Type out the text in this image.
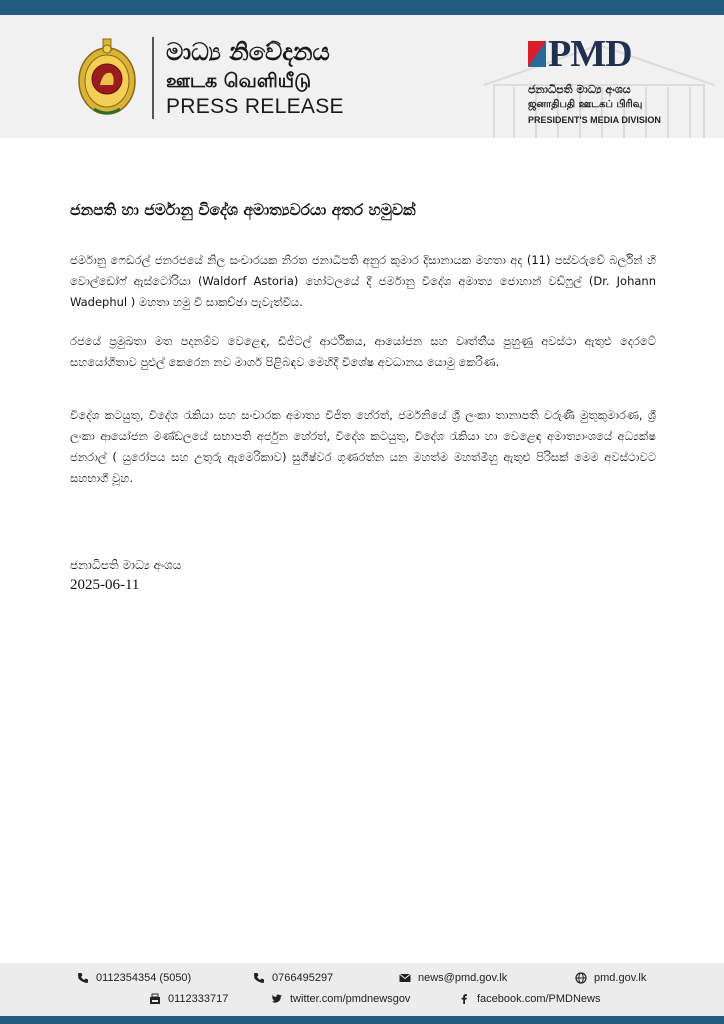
මාධ්‍ය නිවේදනය
ஊடக வெளியீடு
PRESS RELEASE
PMD
ජනාධිපති මාධ්‍ය අංශය
ஜனாதிபதி ஊடகப் பிரிவு
PRESIDENT'S MEDIA DIVISION
ජනපති හා ජර්මානු විදේශ අමාත්‍යවරයා අතර හමුවක්

ජර්මානු ෆෙඩරල් ජනරජයේ නිල සංචාරයක නිරත ජනාධිපති අනුර කුමාර දිසානායක මහතා අද (11) පස්වරුවේ බර්ලින් හි වොල්ඩෝෆ් ඇස්ටෝරියා (Waldorf Astoria) හෝටලයේ දී ජර්මානු විදේශ අමාත්‍ය ජොහාන් වඩ්ෆුල් (Dr. Johann Wadephul ) මහතා හමු වී සාකච්ඡා පැවැත්වීය.

රජයේ ප්‍රමුඛතා මත පදනම්ව වෙළෙඳ, ඩිජිටල් ආර්ථිකය, ආයෝජන සහ වෘත්තීය පුහුණු අවස්ථා ඇතුළු දෙරටේ සහයෝගීතාව පුළුල් කෙරෙන නව මාර්ග පිළිබඳව මෙහිදී විශේෂ අවධානය යොමු කෙරිණ.

විදේශ කටයුතු, විදේශ රැකියා සහ සංචාරක අමාත්‍ය විජිත හේරත්, ජර්මනියේ ශ්‍රී ලංකා තානාපති වරුණි මුතුකුමාරණ, ශ්‍රී ලංකා ආයෝජන මණ්ඩලයේ සභාපති අර්ජුන හේරත්, විදේශ කටයුතු, විදේශ රැකියා හා වෙළෙඳ අමාත්‍යාංශයේ අධ්‍යක්ෂ ජනරාල් ( යුරෝපය සහ උතුරු ඇමෙරිකාව) සුගීෂ්වර ගුණරත්න යන මහත්ම මහත්මීහු ඇතුළු පිරිසක් මෙම අවස්ථාවට සහභාගී වූහ.

ජනාධිපති මාධ්‍ය අංශය
2025-06-11
0112354354 (5050)	0766495297	news@pmd.gov.lk	pmd.gov.lk
0112333717	twitter.com/pmdnewsgov	facebook.com/PMDNews
